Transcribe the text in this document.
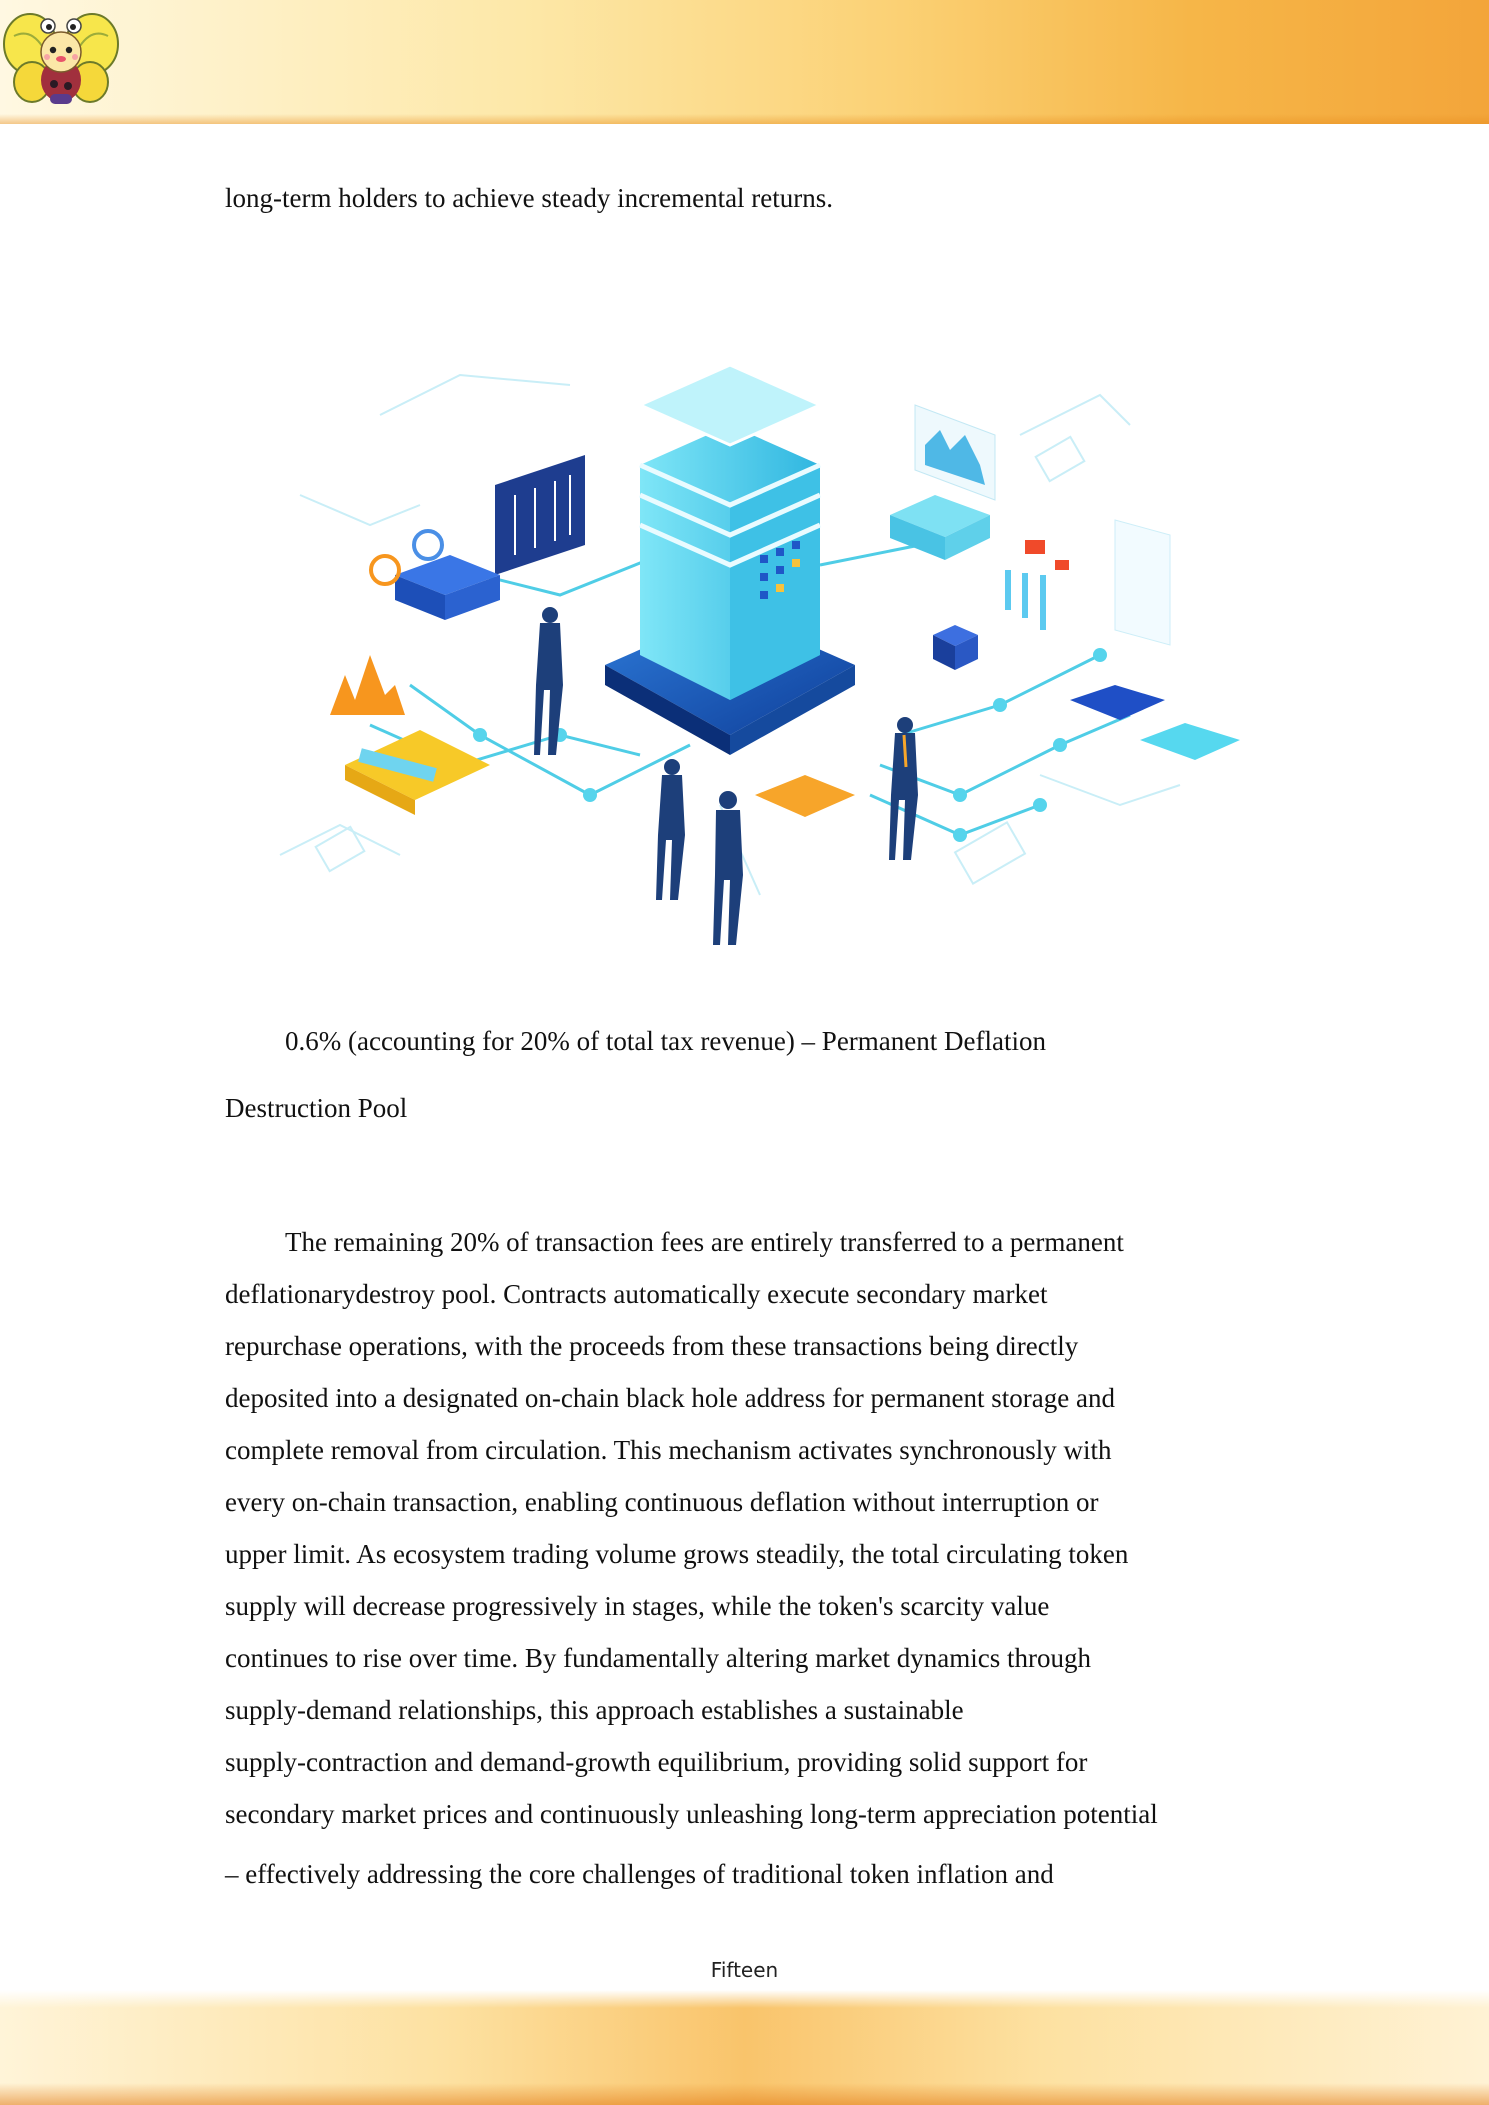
long-term holders to achieve steady incremental returns.
0.6% (accounting for 20% of total tax revenue) – Permanent Deflation
Destruction Pool
The remaining 20% of transaction fees are entirely transferred to a permanent
deflationarydestroy pool. Contracts automatically execute secondary market
repurchase operations, with the proceeds from these transactions being directly
deposited into a designated on-chain black hole address for permanent storage and
complete removal from circulation. This mechanism activates synchronously with
every on-chain transaction, enabling continuous deflation without interruption or
upper limit. As ecosystem trading volume grows steadily, the total circulating token
supply will decrease progressively in stages, while the token's scarcity value
continues to rise over time. By fundamentally altering market dynamics through
supply-demand relationships, this approach establishes a sustainable
supply-contraction and demand-growth equilibrium, providing solid support for
secondary market prices and continuously unleashing long-term appreciation potential
– effectively addressing the core challenges of traditional token inflation and
Fifteen
